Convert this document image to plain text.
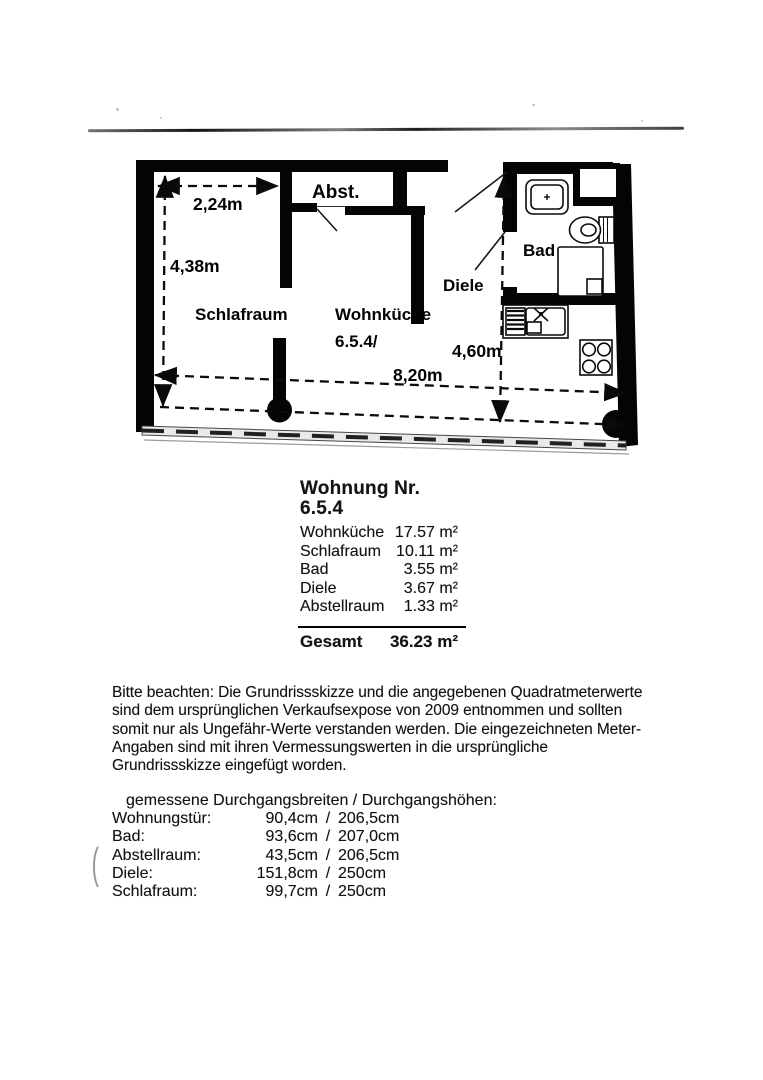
Abst.
2,24m
4,38m
Schlafraum	Wohnküche
6.5.4/
Diele
Bad
8,20m
4,60m
Wohnung Nr.
6.5.4
Wohnküche 17.57 m²
Schlafraum 10.11 m²
Bad	3.55 m²
Diele	3.67 m²
Abstellraum 1.33 m²
Gesamt 36.23 m²
Bitte beachten: Die Grundrissskizze und die angegebenen Quadratmeterwerte
sind dem ursprünglichen Verkaufsexpose von 2009 entnommen und sollten
somit nur als Ungefähr-Werte verstanden werden. Die eingezeichneten Meter-
Angaben sind mit ihren Vermessungswerten in die ursprüngliche
Grundrissskizze eingefügt worden.
gemessene Durchgangsbreiten / Durchgangshöhen:
Wohnungstür:	90,4cm / 206,5cm
Bad:	93,6cm / 207,0cm
Abstellraum:	43,5cm / 206,5cm
Diele:	151,8cm / 250cm
Schlafraum:	99,7cm / 250cm
(
